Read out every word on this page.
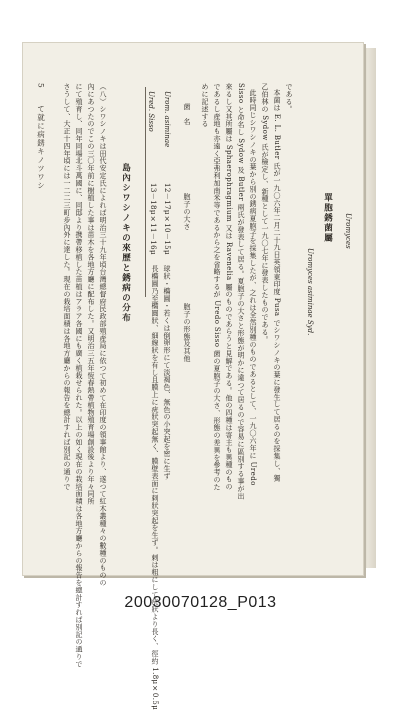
5
て就に病銹キノツワシ
Uromyces
單胞銹菌屬
Uromyces asiminae Syd.
である。
本菌は E. L. Butler 氏が一九〇六年二月二十九日英領東印度 Pusa でシワシノキの葉に發生して居るのを採集し、獨
乙伯林の Sydow 氏が檢定し、新種として一九〇七年に發表したものである。
此時同じシワシノキの葉から別の銹病夏胞子を採集したが、之れは全然別種のものであるとして、一九〇六年に Uredo
Sisso と命名し Sydow 及 Butler 兩氏が發表して居る。夏胞子の大さと形態が明かに違つて居るので容易に區別する事が出
來るし又其所屬は Sphaerophragmium 又は Ravenelia 屬のものであらうと見解である。他の四種は寄主も異種のもの
であるし産地も亦遠く亞弗利加南米等であるから之を省略するが Uredo Sisso 菌の夏胞子の大さ、形態の差異を參考のた
めに記述する
菌　名
胞子の大さ
胞子の形態及其他
Urom. asiminae
12－17μ×10－15μ
球狀・橢圓・若くは倒卵形にて淡褐色、無色の小突起を密に生ず
Ured. Sisso
13－18μ×11－16μ
長橢圓乃至橢圓狀、細線狀を有し且膜上に疣狀突起無く、膜壁表面に刺狀突起を生ず。刺は粗にして疣狀より長く、徑約 1.8μ×0.5μ
島內シワシノキの來歷と銹病の分布
（八）シワシノキは田代安定氏によれば明治三十九年頃台灣總督府民政部殖産局に依つて初めて在印度の領事館より、遂つて紅木叢種々の數種のものの
內にあつたのでこの三〇年前に樹植した事は苗木を各地方廳に配布した。又明治三五年恆春熱帶植物殖育場創設後より年々同所
にて殖育し、同年同場北斗萬國に、同邸より携帶移植した苗植はアラア各國にも廣く植栽せられた。以上の如く現在の栽培面積は各地方廳からの報告を總計すれば別記の通りで
さうして、大正十四年頃には一二二三町步內外に達した。現在の栽培面積は各地方廳からの報告を總計すれば別記の通りで
20030070128_P013
